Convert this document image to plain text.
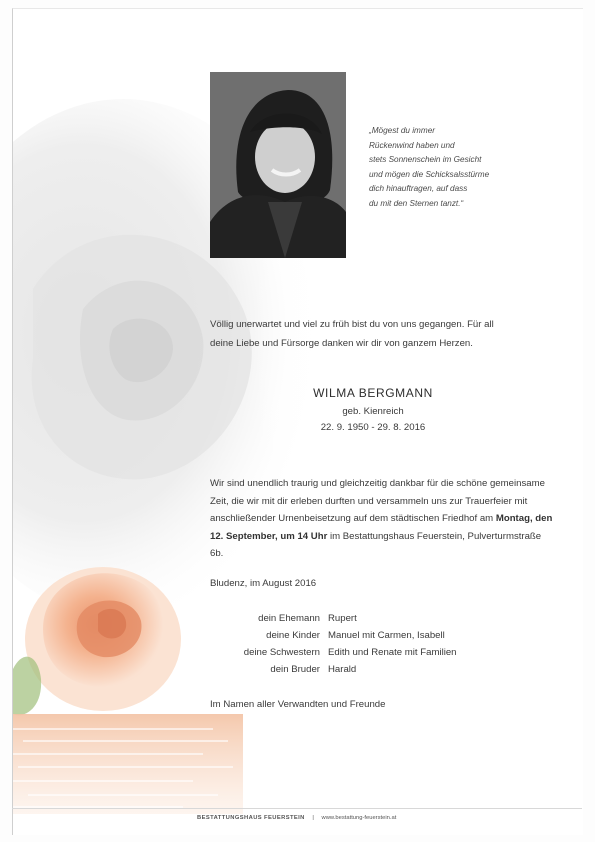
„Mögest du immer
Rückenwind haben und
stets Sonnenschein im Gesicht
und mögen die Schicksalsstürme
dich hinauftragen, auf dass
du mit den Sternen tanzt.“
Völlig unerwartet und viel zu früh bist du von uns gegangen. Für all
deine Liebe und Fürsorge danken wir dir von ganzem Herzen.
WILMA BERGMANN
geb. Kienreich
22. 9. 1950 - 29. 8. 2016
Wir sind unendlich traurig und gleichzeitig dankbar für die schöne gemeinsame Zeit, die wir mit dir erleben durften und versammeln uns zur Trauerfeier mit anschließender Urnenbeisetzung auf dem städtischen Friedhof am Montag, den 12. September, um 14 Uhr im Bestattungshaus Feuerstein, Pulverturmstraße 6b.
Bludenz, im August 2016
dein Ehemann Rupert
deine Kinder Manuel mit Carmen, Isabell
deine Schwestern Edith und Renate mit Familien
dein Bruder Harald
Im Namen aller Verwandten und Freunde
BESTATTUNGSHAUS FEUERSTEIN | www.bestattung-feuerstein.at
